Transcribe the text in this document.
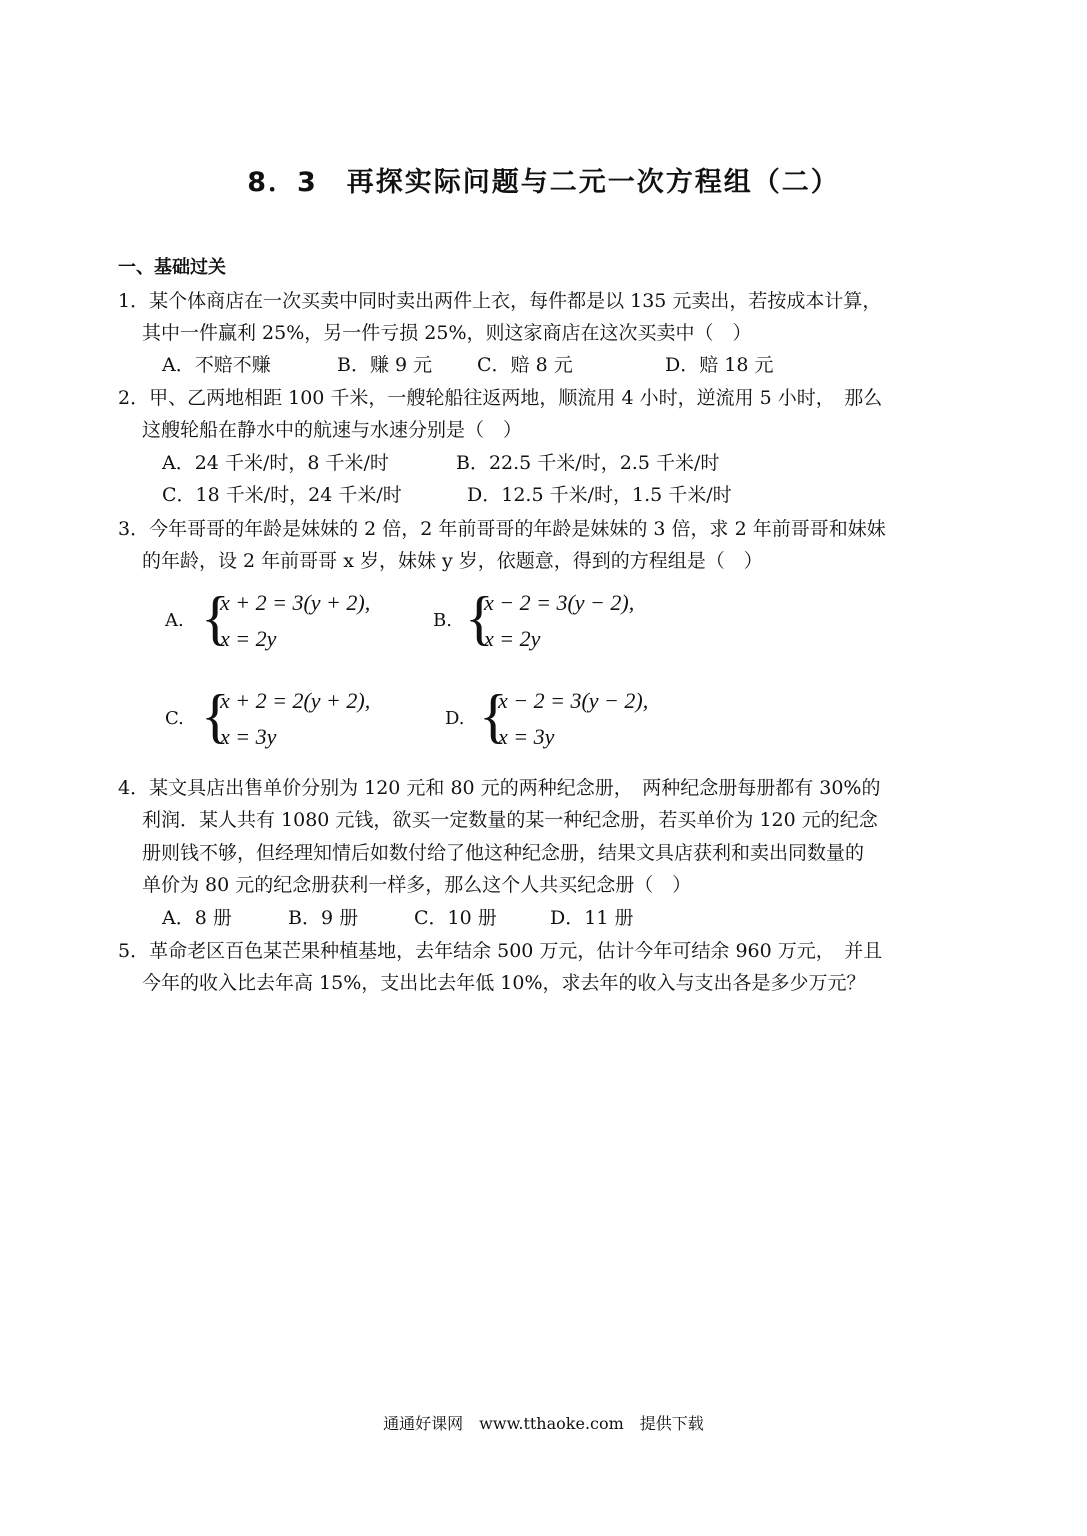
8．3　再探实际问题与二元一次方程组（二）
一、基础过关
1．某个体商店在一次买卖中同时卖出两件上衣，每件都是以 135 元卖出，若按成本计算，
其中一件赢利 25%，另一件亏损 25%，则这家商店在这次买卖中（　）
A．不赔不赚	B．赚 9 元 C．赔 8 元	D．赔 18 元
2．甲、乙两地相距 100 千米，一艘轮船往返两地，顺流用 4 小时，逆流用 5 小时，　那么
这艘轮船在静水中的航速与水速分别是（　）
A．24 千米/时，8 千米/时	B．22.5 千米/时，2.5 千米/时
C．18 千米/时，24 千米/时	D．12.5 千米/时，1.5 千米/时
3．今年哥哥的年龄是妹妹的 2 倍，2 年前哥哥的年龄是妹妹的 3 倍，求 2 年前哥哥和妹妹
的年龄，设 2 年前哥哥 x 岁，妹妹 y 岁，依题意，得到的方程组是（　）
A. {
x + 2 = 3(y + 2),
x = 2y
B. {
x − 2 = 3(y − 2),
x = 2y
C. {
x + 2 = 2(y + 2),
x = 3y
D. {
x − 2 = 3(y − 2),
x = 3y
4．某文具店出售单价分别为 120 元和 80 元的两种纪念册，　两种纪念册每册都有 30%的
利润．某人共有 1080 元钱，欲买一定数量的某一种纪念册，若买单价为 120 元的纪念
册则钱不够，但经理知情后如数付给了他这种纪念册，结果文具店获利和卖出同数量的
单价为 80 元的纪念册获利一样多，那么这个人共买纪念册（　）
A．8 册	B．9 册	C．10 册	D．11 册
5．革命老区百色某芒果种植基地，去年结余 500 万元，估计今年可结余 960 万元，　并且
今年的收入比去年高 15%，支出比去年低 10%，求去年的收入与支出各是多少万元？
通通好课网　www.tthaoke.com　提供下载
